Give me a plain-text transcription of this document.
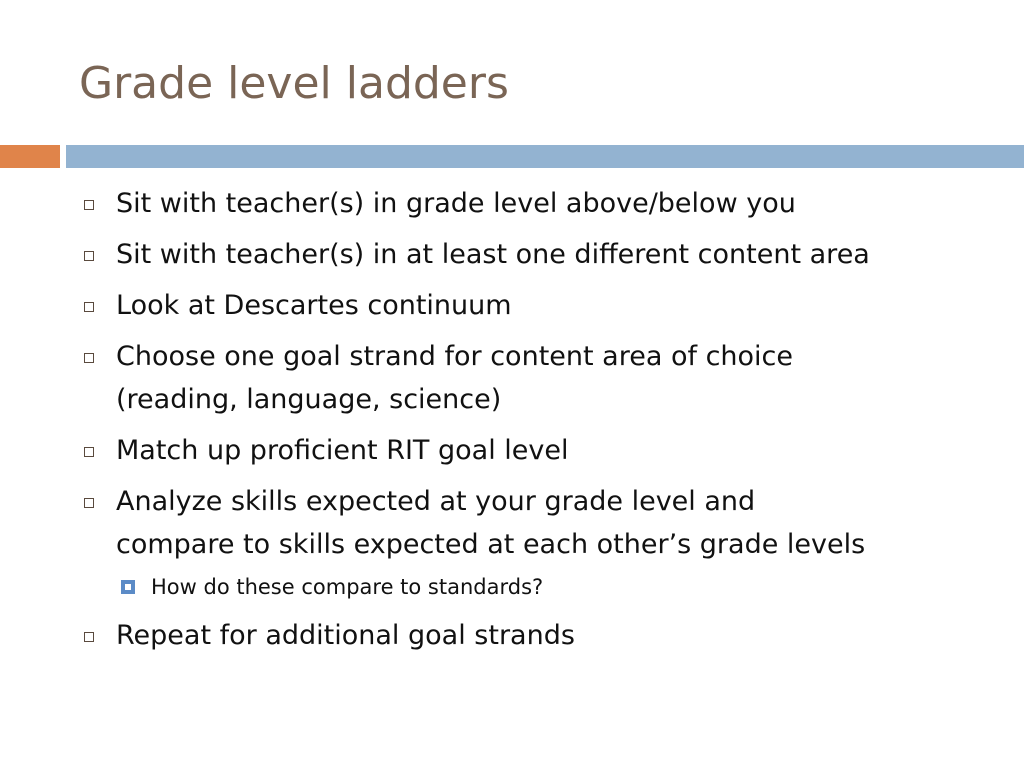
Grade level ladders
Sit with teacher(s) in grade level above/below you
Sit with teacher(s) in at least one different content area
Look at Descartes continuum
Choose one goal strand for content area of choice
(reading, language, science)
Match up proficient RIT goal level
Analyze skills expected at your grade level and
compare to skills expected at each other’s grade levels
How do these compare to standards?
Repeat for additional goal strands
